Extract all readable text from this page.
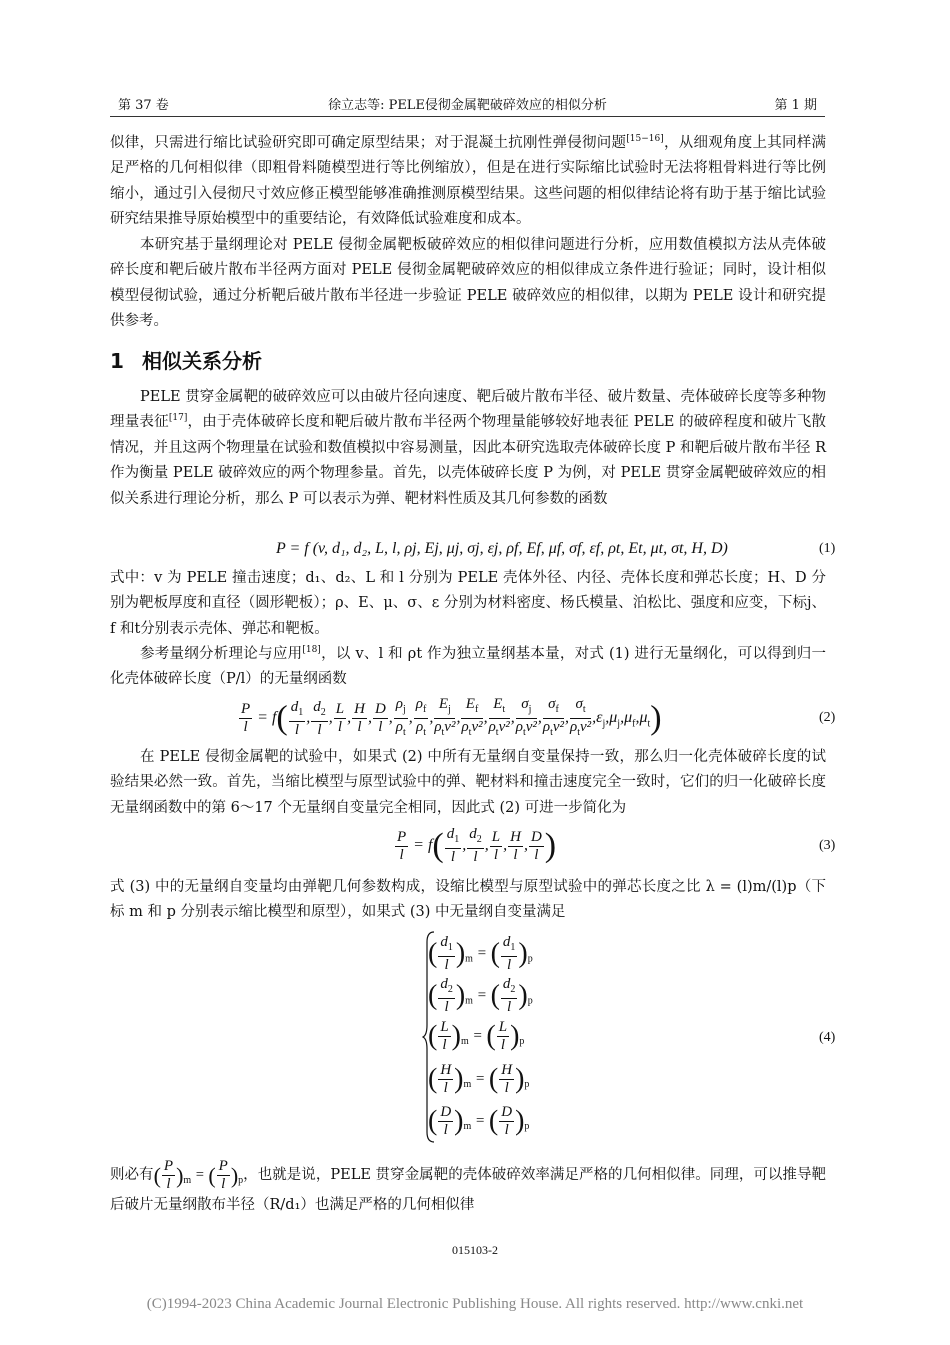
第 37 卷	徐立志等: PELE侵彻金属靶破碎效应的相似分析	第 1 期

似律，只需进行缩比试验研究即可确定原型结果；对于混凝土抗刚性弹侵彻问题[15−16]，从细观角度上其同样满足严格的几何相似律（即粗骨料随模型进行等比例缩放），但是在进行实际缩比试验时无法将粗骨料进行等比例缩小，通过引入侵彻尺寸效应修正模型能够准确推测原模型结果。这些问题的相似律结论将有助于基于缩比试验研究结果推导原始模型中的重要结论，有效降低试验难度和成本。

本研究基于量纲理论对 PELE 侵彻金属靶板破碎效应的相似律问题进行分析，应用数值模拟方法从壳体破碎长度和靶后破片散布半径两方面对 PELE 侵彻金属靶破碎效应的相似律成立条件进行验证；同时，设计相似模型侵彻试验，通过分析靶后破片散布半径进一步验证 PELE 破碎效应的相似律，以期为 PELE 设计和研究提供参考。

1 相似关系分析

PELE 贯穿金属靶的破碎效应可以由破片径向速度、靶后破片散布半径、破片数量、壳体破碎长度等多种物理量表征[17]，由于壳体破碎长度和靶后破片散布半径两个物理量能够较好地表征 PELE 的破碎程度和破片飞散情况，并且这两个物理量在试验和数值模拟中容易测量，因此本研究选取壳体破碎长度 P 和靶后破片散布半径 R 作为衡量 PELE 破碎效应的两个物理参量。首先，以壳体破碎长度 P 为例，对 PELE 贯穿金属靶破碎效应的相似关系进行理论分析，那么 P 可以表示为弹、靶材料性质及其几何参数的函数

P = f (v, d₁, d₂, L, l, ρj, Ej, μj, σj, εj, ρf, Ef, μf, σf, εf, ρt, Et, μt, σt, H, D)	(1)

式中：v 为 PELE 撞击速度；d₁、d₂、L 和 l 分别为 PELE 壳体外径、内径、壳体长度和弹芯长度；H、D 分别为靶板厚度和直径（圆形靶板）；ρ、E、μ、σ、ε 分别为材料密度、杨氏模量、泊松比、强度和应变，下标j、f 和t分别表示壳体、弹芯和靶板。

参考量纲分析理论与应用[18]，以 v、l 和 ρt 作为独立量纲基本量，对式 (1) 进行无量纲化，可以得到归一化壳体破碎长度（P/l）的无量纲函数

$\frac{P}{l} = f( \frac{d_1}{l}$ , $\frac{d_2}{l}$ , $\frac{L}{l}$ , $\frac{H}{l}$ , $\frac{D}{l}$ , $\frac{\rho_j}{\rho_t}$ , $\frac{\rho_f}{\rho_t}$ , $\frac{E_j}{\rho_tv^2}$ , $\frac{E_f}{\rho_tv^2}$ , $\frac{E_t}{\rho_tv^2}$ , $\frac{\sigma_j}{\rho_tv^2}$ , $\frac{\sigma_f}{\rho_tv^2}$ , $\frac{\sigma_t}{\rho_tv^2} ,\varepsilon_j,\mu_j,\mu_f,\mu_t$)	(2)

在 PELE 侵彻金属靶的试验中，如果式 (2) 中所有无量纲自变量保持一致，那么归一化壳体破碎长度的试验结果必然一致。首先，当缩比模型与原型试验中的弹、靶材料和撞击速度完全一致时，它们的归一化破碎长度无量纲函数中的第 6～17 个无量纲自变量完全相同，因此式 (2) 可进一步简化为

$\frac{P}{l} = f( \frac{d_1}{l}$ , $\frac{d_2}{l}$ , $\frac{L}{l}$ , $\frac{H}{l}$ , $\frac{D}{l}$ )	(3)

式 (3) 中的无量纲自变量均由弹靶几何参数构成，设缩比模型与原型试验中的弹芯长度之比 λ = (l)m/(l)p（下标 m 和 p 分别表示缩比模型和原型），如果式 (3) 中无量纲自变量满足

( $\frac{d_1}{l} )_m$ = ( $\frac{d_1}{l} )_p$
( $\frac{d_2}{l} )_m$ = ( $\frac{d_2}{l} )_p$
( $\frac{L}{l} )_m$ = ( $\frac{L}{l} )_p$
( $\frac{H}{l} )_m$ = ( $\frac{H}{l} )_p$
( $\frac{D}{l} )_m$ = ( $\frac{D}{l} )_p$
(4)

则必有( $\frac{P}{l} )_m$ = ( $\frac{P}{l} )_p$，也就是说，PELE 贯穿金属靶的壳体破碎效率满足严格的几何相似律。同理，可以推导靶后破片无量纲散布半径（R/d₁）也满足严格的几何相似律

015103-2
(C)1994-2023 China Academic Journal Electronic Publishing House. All rights reserved. http://www.cnki.net
